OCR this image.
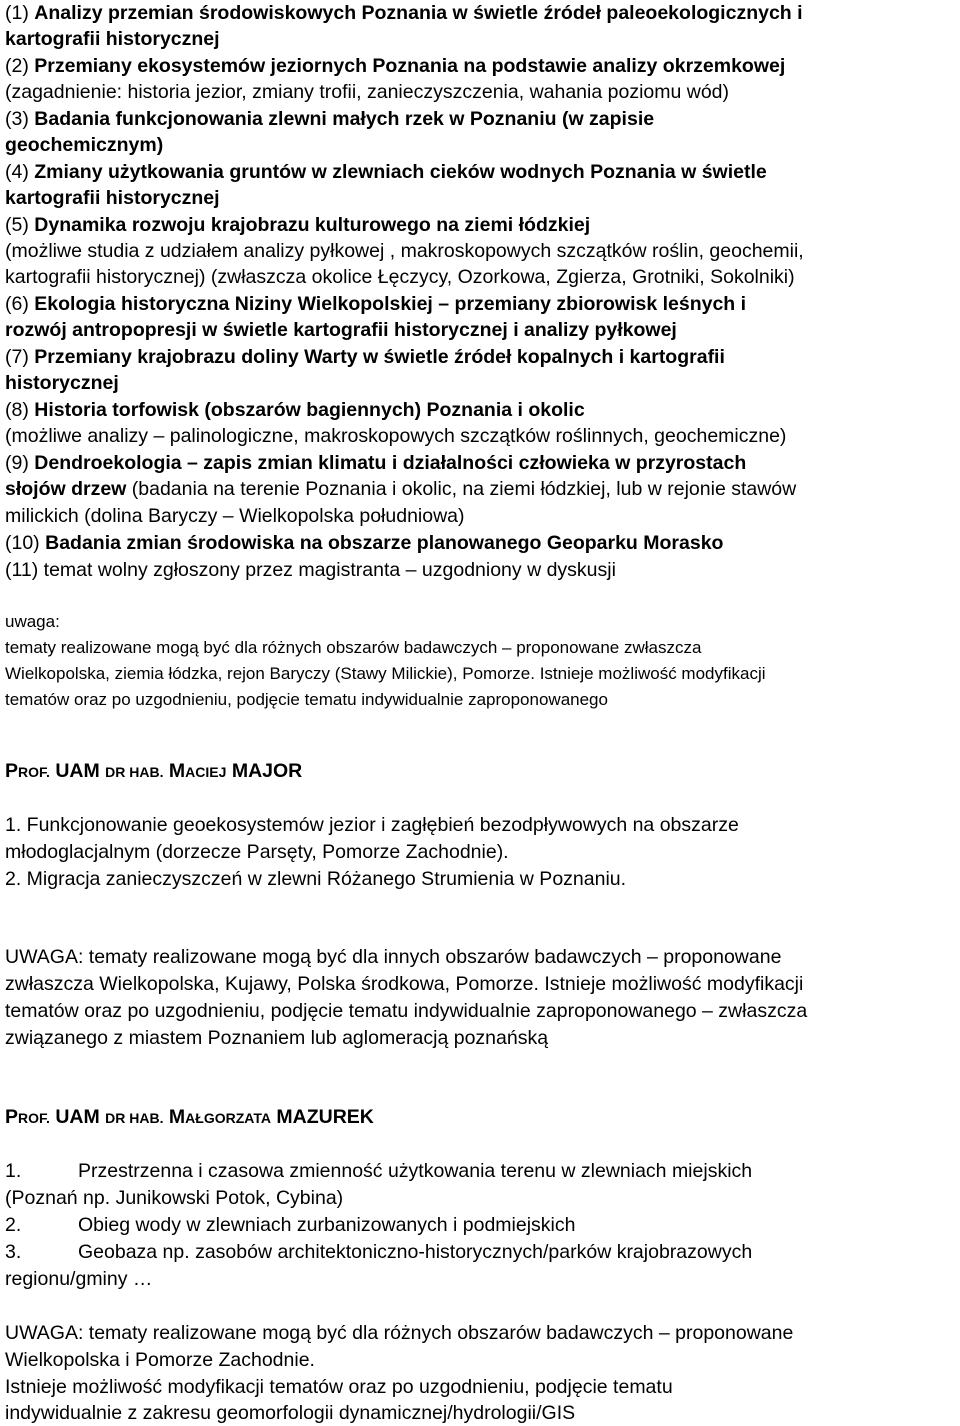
(1) Analizy przemian środowiskowych Poznania w świetle źródeł paleoekologicznych i
kartografii historycznej
(2) Przemiany ekosystemów jeziornych Poznania na podstawie analizy okrzemkowej
(zagadnienie: historia jezior, zmiany trofii, zanieczyszczenia, wahania poziomu wód)
(3) Badania funkcjonowania zlewni małych rzek w Poznaniu (w zapisie
geochemicznym)
(4) Zmiany użytkowania gruntów w zlewniach cieków wodnych Poznania w świetle
kartografii historycznej
(5) Dynamika rozwoju krajobrazu kulturowego na ziemi łódzkiej
(możliwe studia z udziałem analizy pyłkowej , makroskopowych szczątków roślin, geochemii,
kartografii historycznej) (zwłaszcza okolice Łęczycy, Ozorkowa, Zgierza, Grotniki, Sokolniki)
(6) Ekologia historyczna Niziny Wielkopolskiej – przemiany zbiorowisk leśnych i
rozwój antropopresji w świetle kartografii historycznej i analizy pyłkowej
(7) Przemiany krajobrazu doliny Warty w świetle źródeł kopalnych i kartografii
historycznej
(8) Historia torfowisk (obszarów bagiennych) Poznania i okolic
(możliwe analizy – palinologiczne, makroskopowych szczątków roślinnych, geochemiczne)
(9) Dendroekologia – zapis zmian klimatu i działalności człowieka w przyrostach
słojów drzew (badania na terenie Poznania i okolic, na ziemi łódzkiej, lub w rejonie stawów
milickich (dolina Baryczy – Wielkopolska południowa)
(10) Badania zmian środowiska na obszarze planowanego Geoparku Morasko
(11) temat wolny zgłoszony przez magistranta – uzgodniony w dyskusji
uwaga:
tematy realizowane mogą być dla różnych obszarów badawczych – proponowane zwłaszcza
Wielkopolska, ziemia łódzka, rejon Baryczy (Stawy Milickie), Pomorze. Istnieje możliwość modyfikacji
tematów oraz po uzgodnieniu, podjęcie tematu indywidualnie zaproponowanego
PROF. UAM DR HAB. MACIEJ MAJOR
1. Funkcjonowanie geoekosystemów jezior i zagłębień bezodpływowych na obszarze
młodoglacjalnym (dorzecze Parsęty, Pomorze Zachodnie).
2. Migracja zanieczyszczeń w zlewni Różanego Strumienia w Poznaniu.
UWAGA: tematy realizowane mogą być dla innych obszarów badawczych – proponowane
zwłaszcza Wielkopolska, Kujawy, Polska środkowa, Pomorze. Istnieje możliwość modyfikacji
tematów oraz po uzgodnieniu, podjęcie tematu indywidualnie zaproponowanego – zwłaszcza
związanego z miastem Poznaniem lub aglomeracją poznańską
PROF. UAM DR HAB. MAŁGORZATA MAZUREK
1.	Przestrzenna i czasowa zmienność użytkowania terenu w zlewniach miejskich
(Poznań np. Junikowski Potok, Cybina)
2.	Obieg wody w zlewniach zurbanizowanych i podmiejskich
3.	Geobaza np. zasobów architektoniczno-historycznych/parków krajobrazowych
regionu/gminy …
UWAGA: tematy realizowane mogą być dla różnych obszarów badawczych – proponowane
Wielkopolska i Pomorze Zachodnie.
Istnieje możliwość modyfikacji tematów oraz po uzgodnieniu, podjęcie tematu
indywidualnie z zakresu geomorfologii dynamicznej/hydrologii/GIS
